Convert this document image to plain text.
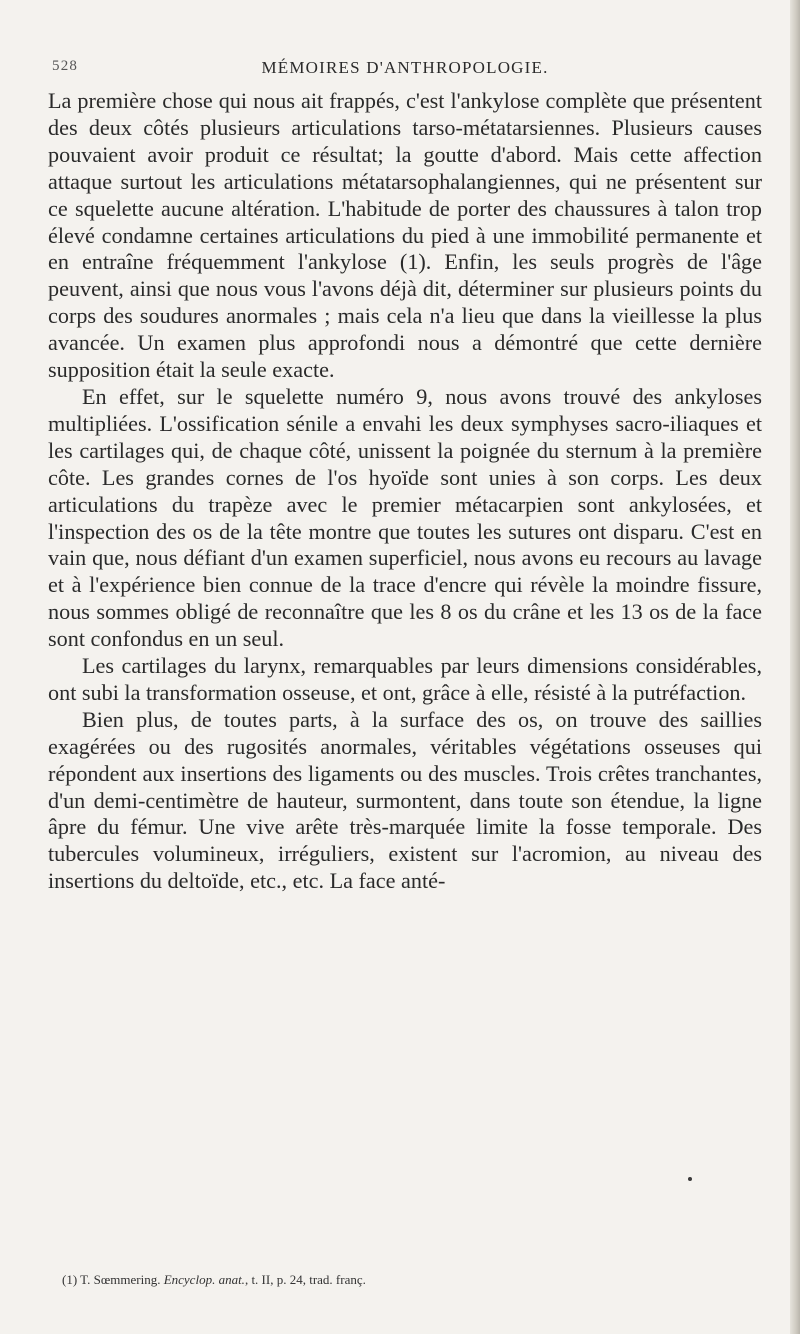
528	MÉMOIRES D'ANTHROPOLOGIE.

La première chose qui nous ait frappés, c'est l'ankylose complète que présentent des deux côtés plusieurs articulations tarso-métatarsiennes. Plusieurs causes pouvaient avoir produit ce résultat; la goutte d'abord. Mais cette affection attaque surtout les articulations métatarsophalangiennes, qui ne présentent sur ce squelette aucune altération. L'habitude de porter des chaussures à talon trop élevé condamne certaines articulations du pied à une immobilité permanente et en entraîne fréquemment l'ankylose (1). Enfin, les seuls progrès de l'âge peuvent, ainsi que nous vous l'avons déjà dit, déterminer sur plusieurs points du corps des soudures anormales ; mais cela n'a lieu que dans la vieillesse la plus avancée. Un examen plus approfondi nous a démontré que cette dernière supposition était la seule exacte.

En effet, sur le squelette numéro 9, nous avons trouvé des ankyloses multipliées. L'ossification sénile a envahi les deux symphyses sacro-iliaques et les cartilages qui, de chaque côté, unissent la poignée du sternum à la première côte. Les grandes cornes de l'os hyoïde sont unies à son corps. Les deux articulations du trapèze avec le premier métacarpien sont ankylosées, et l'inspection des os de la tête montre que toutes les sutures ont disparu. C'est en vain que, nous défiant d'un examen superficiel, nous avons eu recours au lavage et à l'expérience bien connue de la trace d'encre qui révèle la moindre fissure, nous sommes obligé de reconnaître que les 8 os du crâne et les 13 os de la face sont confondus en un seul.

Les cartilages du larynx, remarquables par leurs dimensions considérables, ont subi la transformation osseuse, et ont, grâce à elle, résisté à la putréfaction.

Bien plus, de toutes parts, à la surface des os, on trouve des saillies exagérées ou des rugosités anormales, véritables végétations osseuses qui répondent aux insertions des ligaments ou des muscles. Trois crêtes tranchantes, d'un demi-centimètre de hauteur, surmontent, dans toute son étendue, la ligne âpre du fémur. Une vive arête très-marquée limite la fosse temporale. Des tubercules volumineux, irréguliers, existent sur l'acromion, au niveau des insertions du deltoïde, etc., etc. La face anté-

(1) T. Sœmmering. Encyclop. anat., t. II, p. 24, trad. franç.
